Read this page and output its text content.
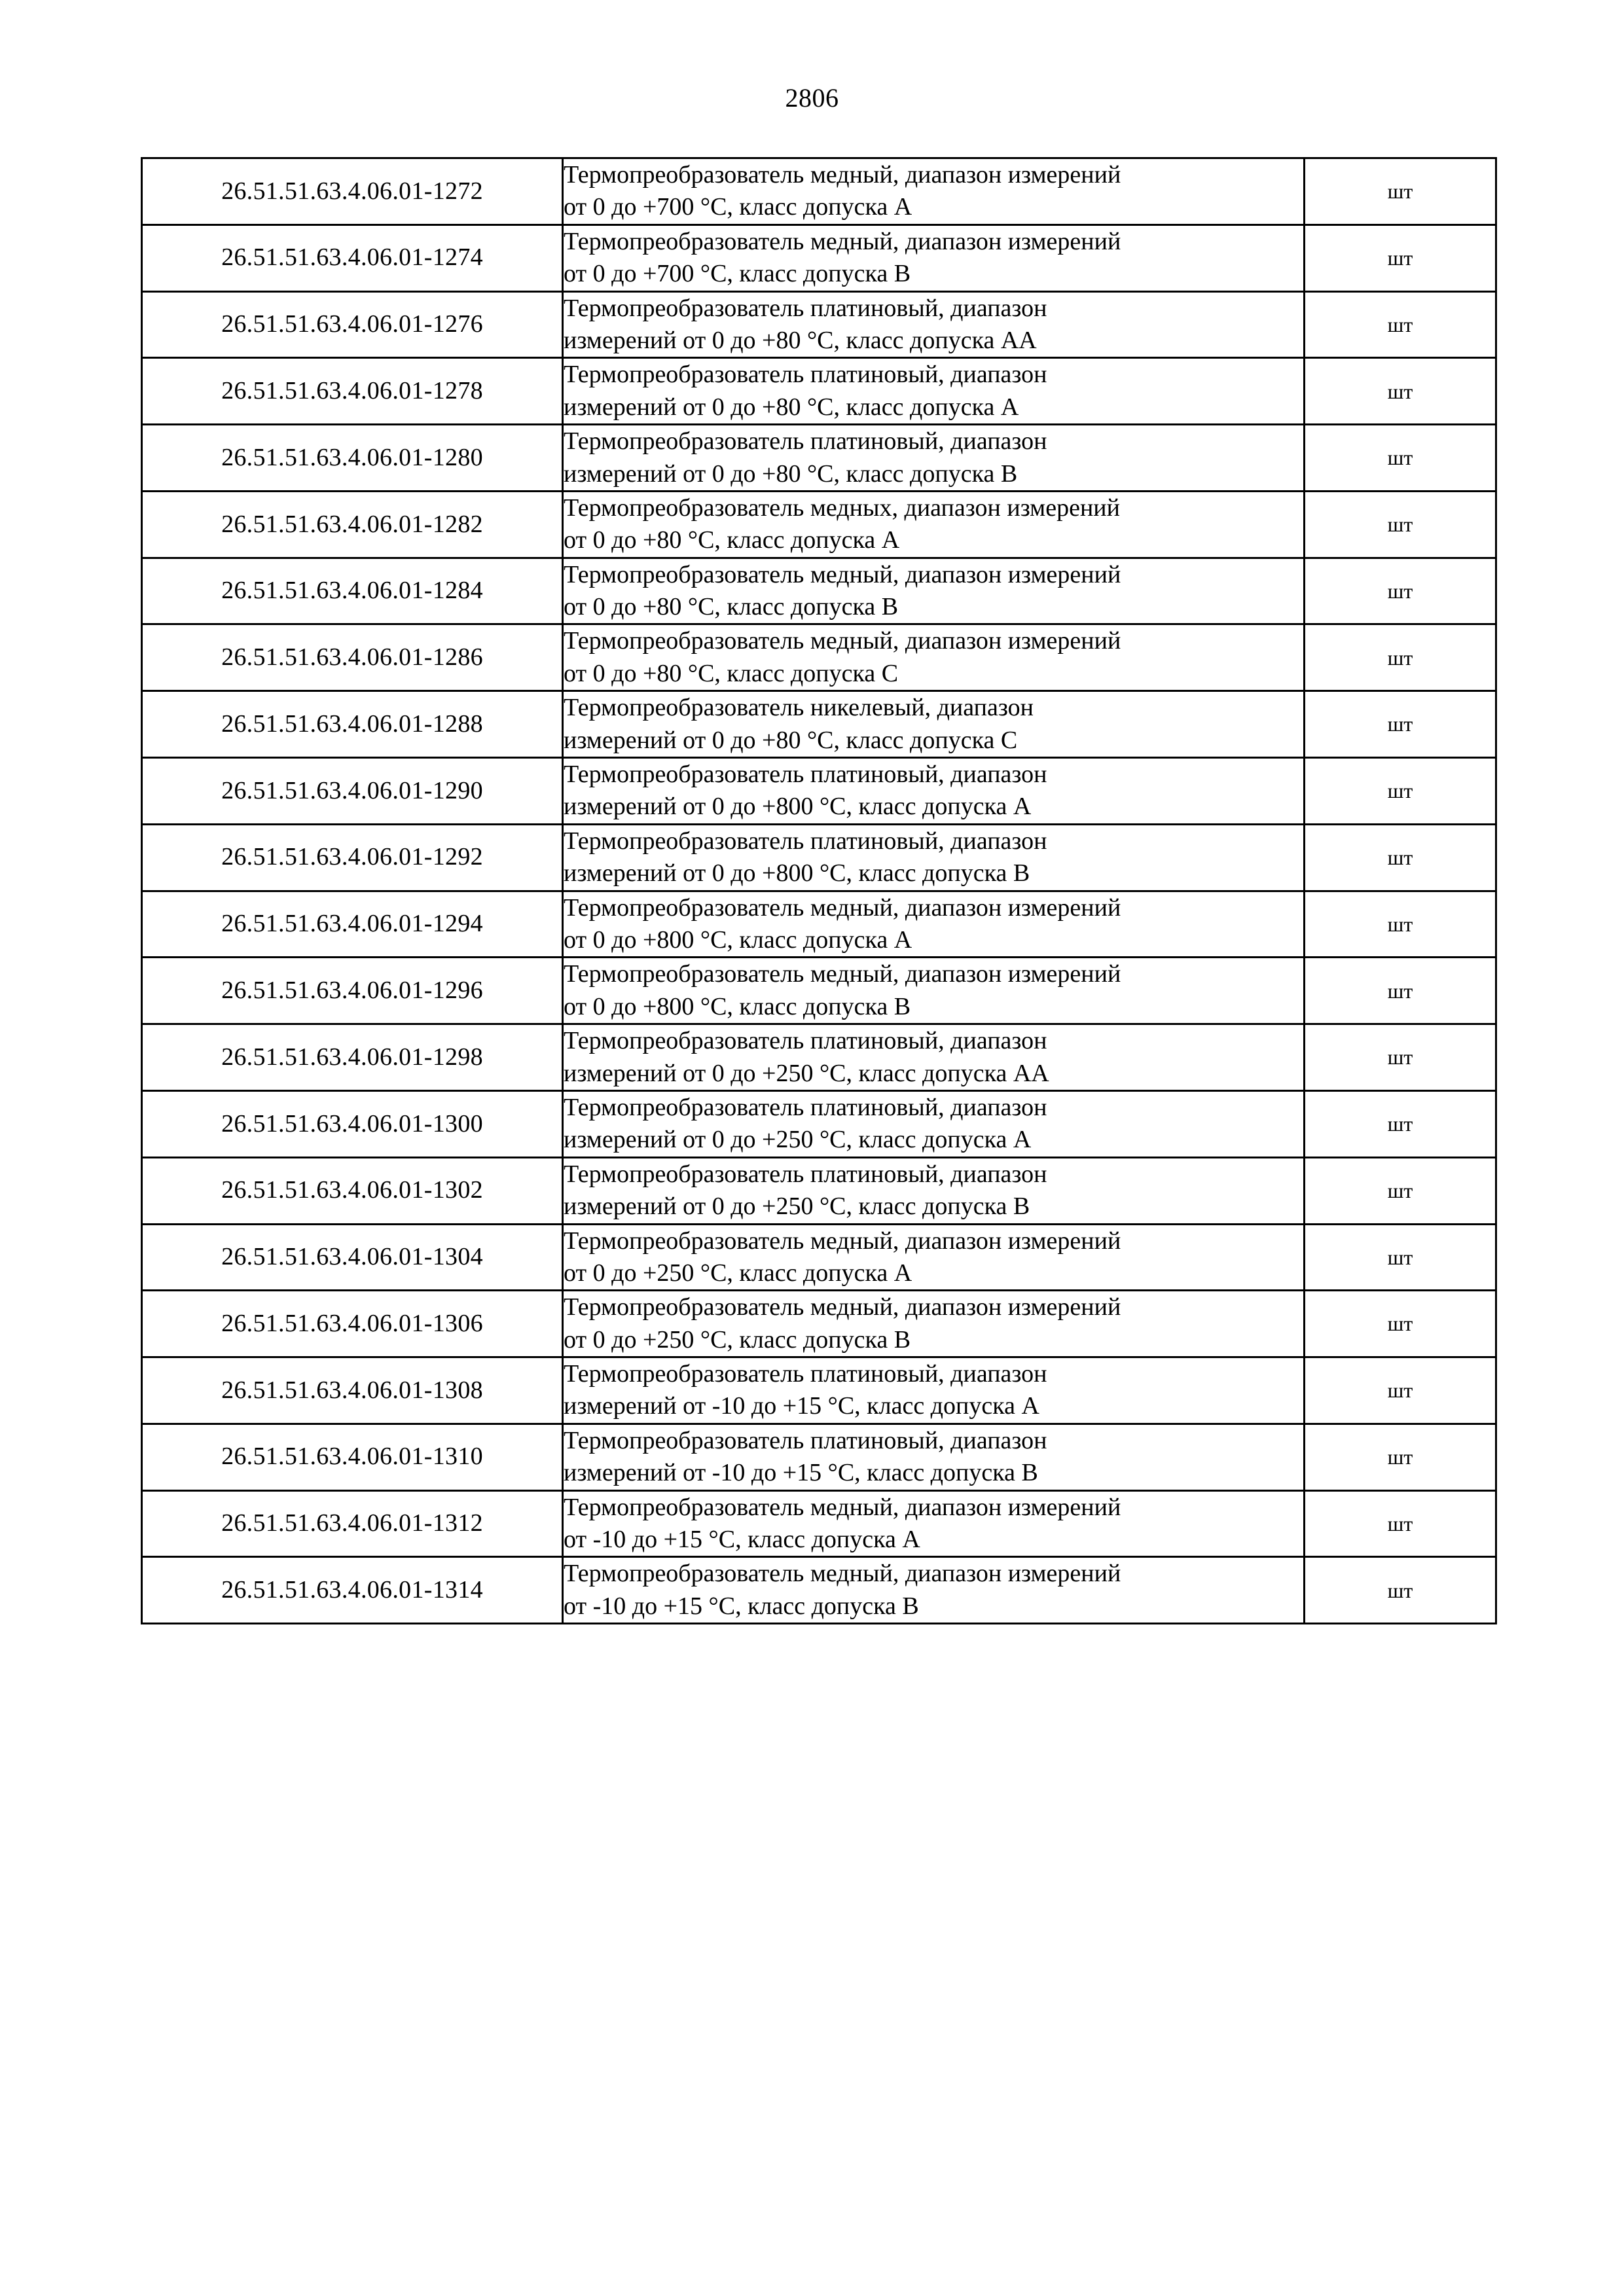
2806
26.51.51.63.4.06.01-1272	Термопреобразователь медный, диапазон измерений
от 0 до +700 °С, класс допуска А	шт
26.51.51.63.4.06.01-1274	Термопреобразователь медный, диапазон измерений
от 0 до +700 °С, класс допуска В	шт
26.51.51.63.4.06.01-1276	Термопреобразователь платиновый, диапазон
измерений от 0 до +80 °С, класс допуска АА	шт
26.51.51.63.4.06.01-1278	Термопреобразователь платиновый, диапазон
измерений от 0 до +80 °С, класс допуска А	шт
26.51.51.63.4.06.01-1280	Термопреобразователь платиновый, диапазон
измерений от 0 до +80 °С, класс допуска В	шт
26.51.51.63.4.06.01-1282	Термопреобразователь медных, диапазон измерений
от 0 до +80 °С, класс допуска А	шт
26.51.51.63.4.06.01-1284	Термопреобразователь медный, диапазон измерений
от 0 до +80 °С, класс допуска В	шт
26.51.51.63.4.06.01-1286	Термопреобразователь медный, диапазон измерений
от 0 до +80 °С, класс допуска С	шт
26.51.51.63.4.06.01-1288	Термопреобразователь никелевый, диапазон
измерений от 0 до +80 °С, класс допуска С	шт
26.51.51.63.4.06.01-1290	Термопреобразователь платиновый, диапазон
измерений от 0 до +800 °С, класс допуска А	шт
26.51.51.63.4.06.01-1292	Термопреобразователь платиновый, диапазон
измерений от 0 до +800 °С, класс допуска В	шт
26.51.51.63.4.06.01-1294	Термопреобразователь медный, диапазон измерений
от 0 до +800 °С, класс допуска А	шт
26.51.51.63.4.06.01-1296	Термопреобразователь медный, диапазон измерений
от 0 до +800 °С, класс допуска В	шт
26.51.51.63.4.06.01-1298	Термопреобразователь платиновый, диапазон
измерений от 0 до +250 °С, класс допуска АА	шт
26.51.51.63.4.06.01-1300	Термопреобразователь платиновый, диапазон
измерений от 0 до +250 °С, класс допуска А	шт
26.51.51.63.4.06.01-1302	Термопреобразователь платиновый, диапазон
измерений от 0 до +250 °С, класс допуска В	шт
26.51.51.63.4.06.01-1304	Термопреобразователь медный, диапазон измерений
от 0 до +250 °С, класс допуска А	шт
26.51.51.63.4.06.01-1306	Термопреобразователь медный, диапазон измерений
от 0 до +250 °С, класс допуска В	шт
26.51.51.63.4.06.01-1308	Термопреобразователь платиновый, диапазон
измерений от -10 до +15 °С, класс допуска А	шт
26.51.51.63.4.06.01-1310	Термопреобразователь платиновый, диапазон
измерений от -10 до +15 °С, класс допуска В	шт
26.51.51.63.4.06.01-1312	Термопреобразователь медный, диапазон измерений
от -10 до +15 °С, класс допуска А	шт
26.51.51.63.4.06.01-1314	Термопреобразователь медный, диапазон измерений
от -10 до +15 °С, класс допуска В	шт
